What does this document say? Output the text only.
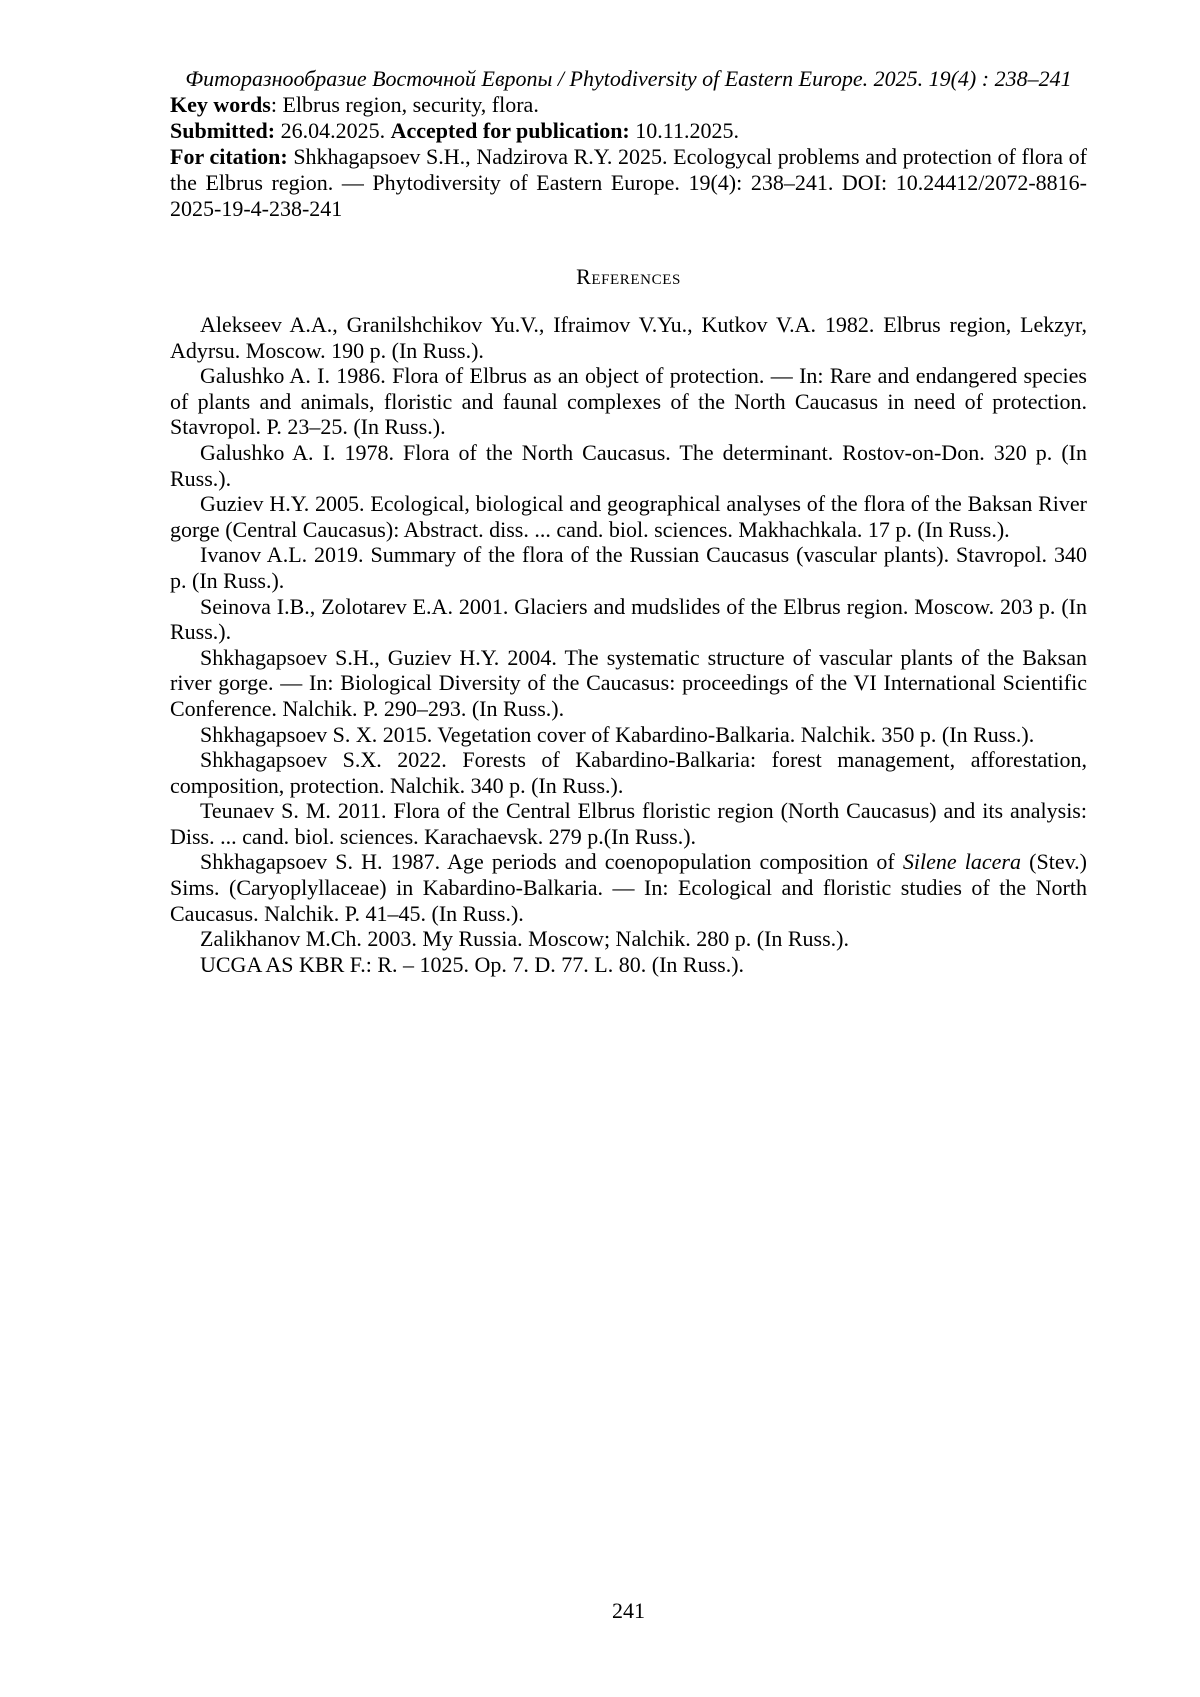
Фиторазнообразие Восточной Европы / Phytodiversity of Eastern Europe. 2025. 19(4) : 238–241

Key words: Elbrus region, security, flora.

Submitted: 26.04.2025. Accepted for publication: 10.11.2025.

For citation: Shkhagapsoev S.H., Nadzirova R.Y. 2025. Ecologycal problems and protection of flora of the Elbrus region. — Phytodiversity of Eastern Europe. 19(4): 238–241. DOI: 10.24412/2072-8816-2025-19-4-238-241

References

Alekseev A.A., Granilshchikov Yu.V., Ifraimov V.Yu., Kutkov V.A. 1982. Elbrus region, Lekzyr, Adyrsu. Moscow. 190 p. (In Russ.).

Galushko A. I. 1986. Flora of Elbrus as an object of protection. — In: Rare and endangered species of plants and animals, floristic and faunal complexes of the North Caucasus in need of protection. Stavropol. P. 23–25. (In Russ.).

Galushko A. I. 1978. Flora of the North Caucasus. The determinant. Rostov-on-Don. 320 p. (In Russ.).

Guziev H.Y. 2005. Ecological, biological and geographical analyses of the flora of the Baksan River gorge (Central Caucasus): Abstract. diss. ... cand. biol. sciences. Makhachkala. 17 p. (In Russ.).

Ivanov A.L. 2019. Summary of the flora of the Russian Caucasus (vascular plants). Stavropol. 340 p. (In Russ.).

Seinova I.B., Zolotarev E.A. 2001. Glaciers and mudslides of the Elbrus region. Moscow. 203 p. (In Russ.).

Shkhagapsoev S.H., Guziev H.Y. 2004. The systematic structure of vascular plants of the Baksan river gorge. — In: Biological Diversity of the Caucasus: proceedings of the VI International Scientific Conference. Nalchik. P. 290–293. (In Russ.).

Shkhagapsoev S. X. 2015. Vegetation cover of Kabardino-Balkaria. Nalchik. 350 p. (In Russ.).

Shkhagapsoev S.X. 2022. Forests of Kabardino-Balkaria: forest management, afforestation, composition, protection. Nalchik. 340 p. (In Russ.).

Teunaev S. M. 2011. Flora of the Central Elbrus floristic region (North Caucasus) and its analysis: Diss. ... cand. biol. sciences. Karachaevsk. 279 p.(In Russ.).

Shkhagapsoev S. H. 1987. Age periods and coenopopulation composition of Silene lacera (Stev.) Sims. (Caryoplyllaceae) in Kabardino-Balkaria. — In: Ecological and floristic studies of the North Caucasus. Nalchik. P. 41–45. (In Russ.).

Zalikhanov M.Ch. 2003. My Russia. Moscow; Nalchik. 280 p. (In Russ.).

UCGA AS KBR F.: R. – 1025. Op. 7. D. 77. L. 80. (In Russ.).

241
